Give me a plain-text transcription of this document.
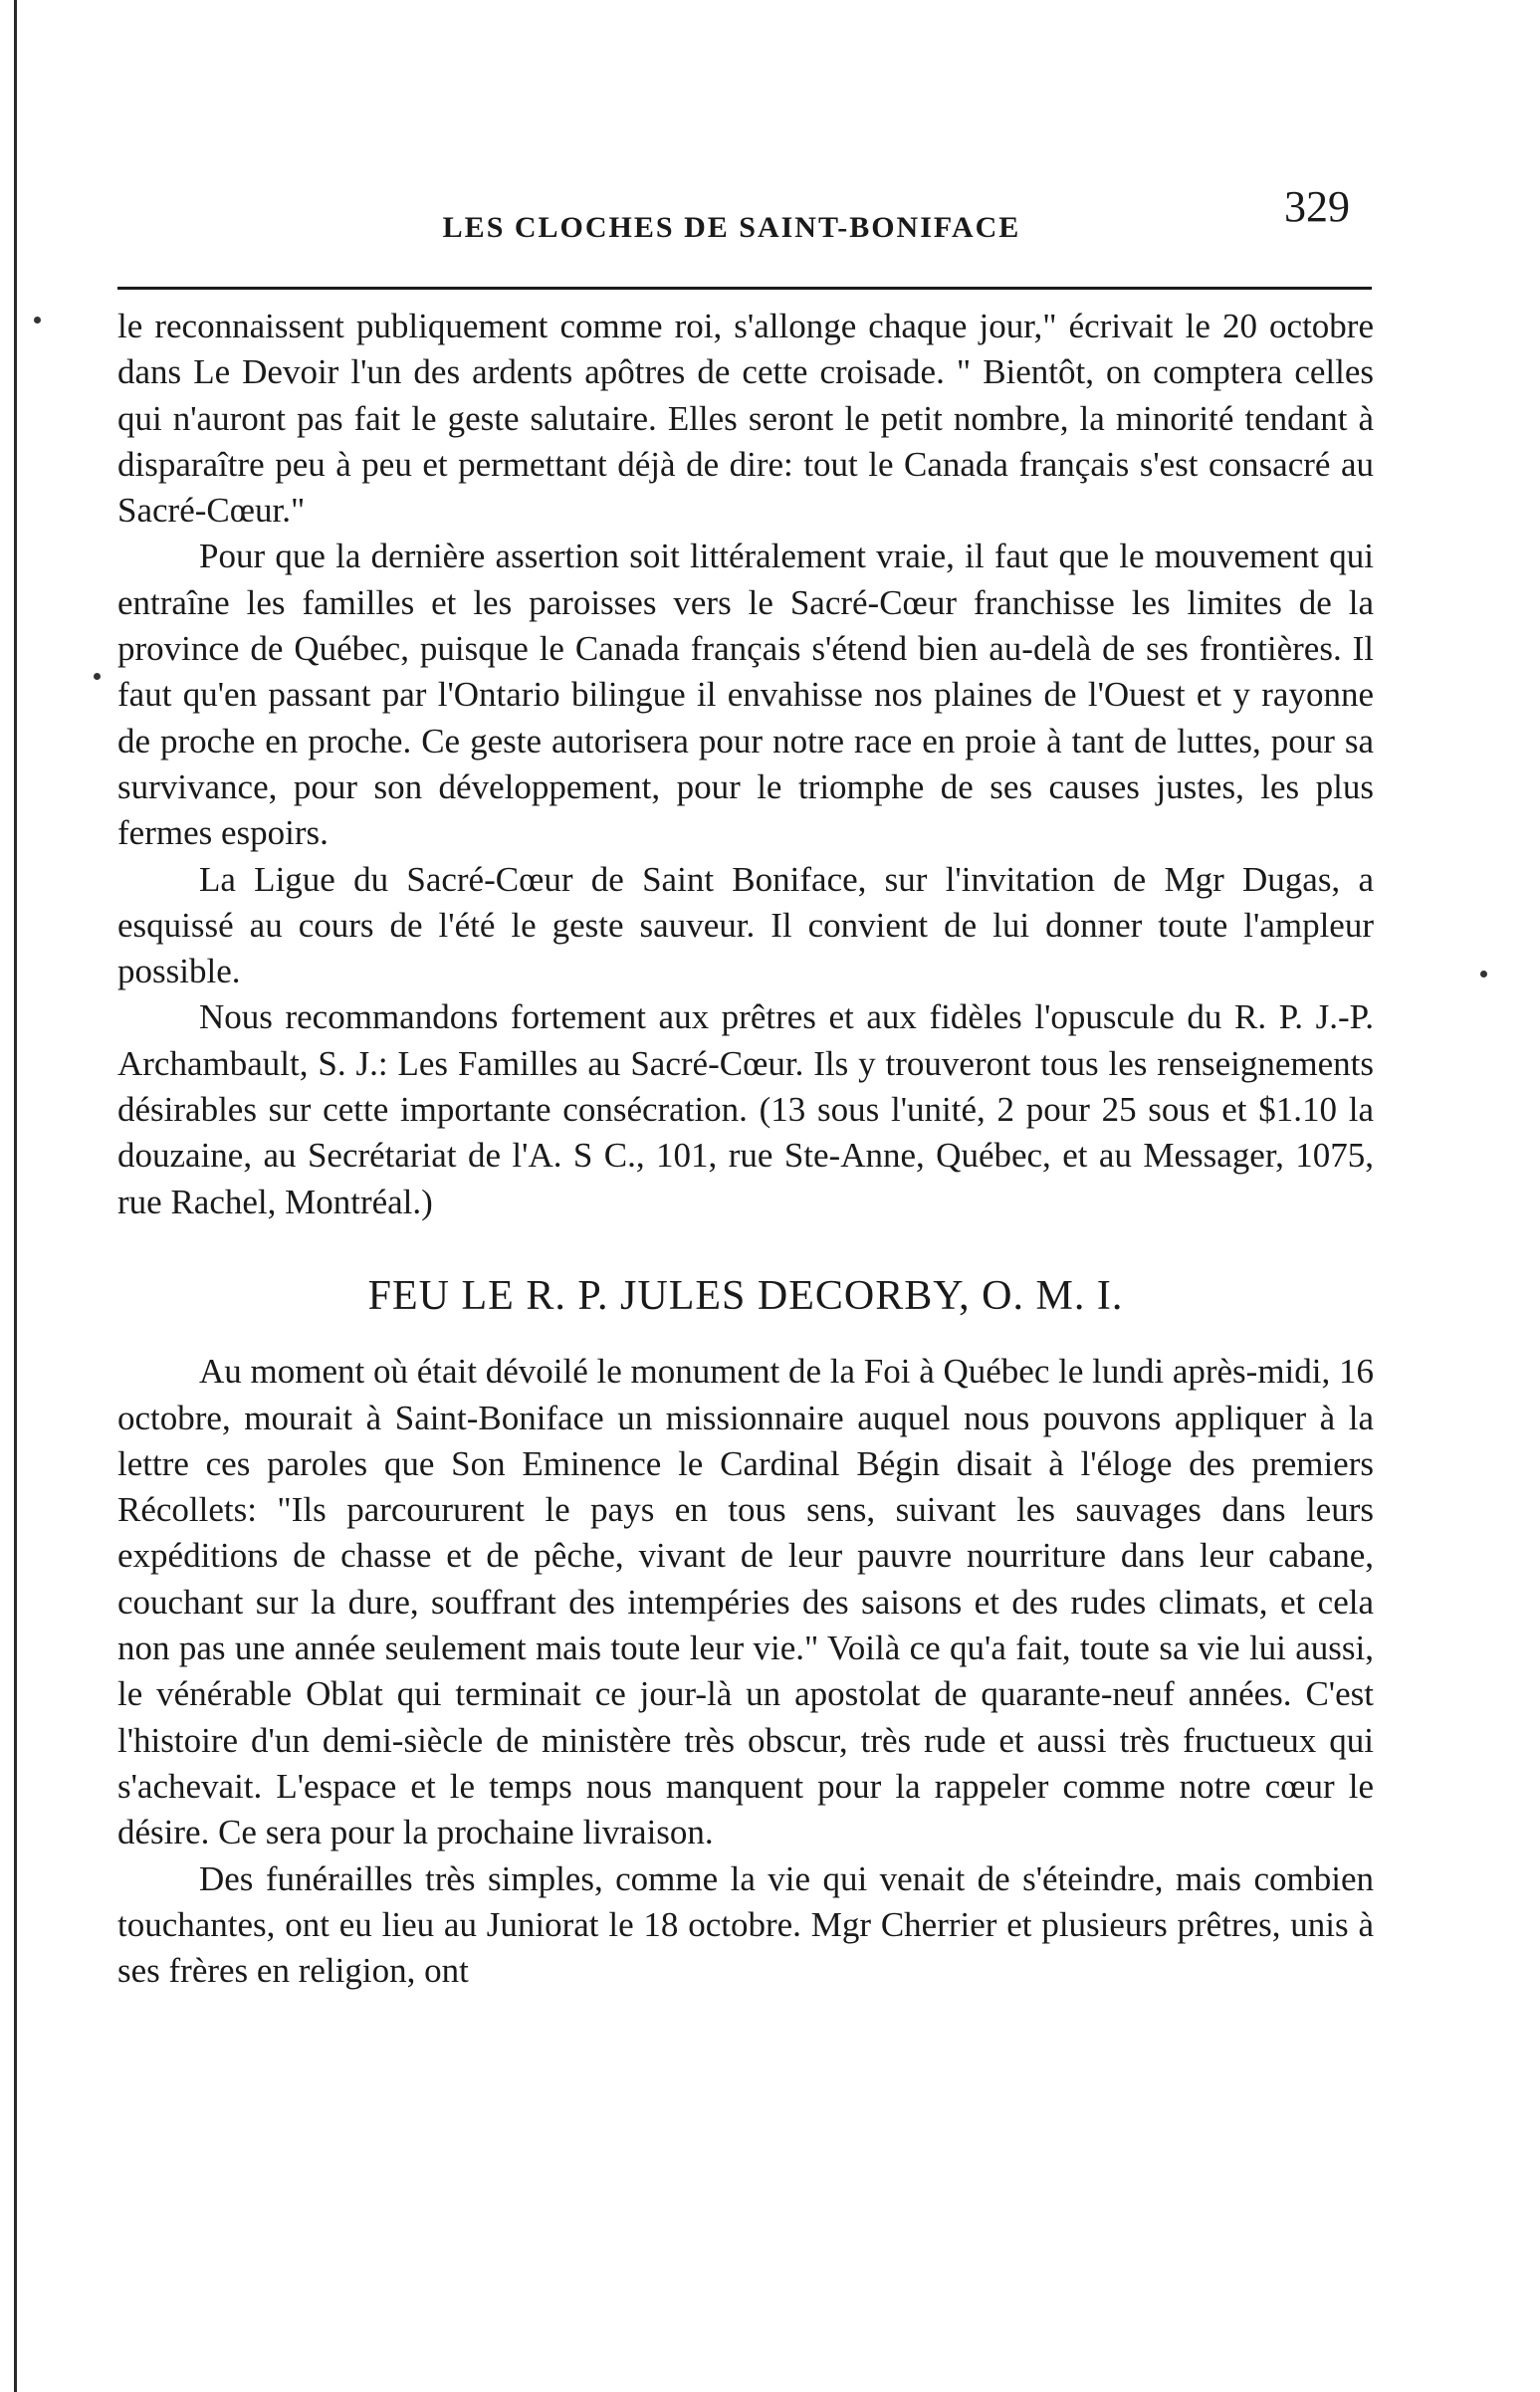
LES CLOCHES DE SAINT-BONIFACE	329

le reconnaissent publiquement comme roi, s'allonge chaque jour," écrivait le 20 octobre dans Le Devoir l'un des ardents apôtres de cette croisade. " Bientôt, on comptera celles qui n'auront pas fait le geste salutaire. Elles seront le petit nombre, la minorité tendant à disparaître peu à peu et permettant déjà de dire: tout le Canada français s'est consacré au Sacré-Cœur."

Pour que la dernière assertion soit littéralement vraie, il faut que le mouvement qui entraîne les familles et les paroisses vers le Sacré-Cœur franchisse les limites de la province de Québec, puisque le Canada français s'étend bien au-delà de ses frontières. Il faut qu'en passant par l'Ontario bilingue il envahisse nos plaines de l'Ouest et y rayonne de proche en proche. Ce geste autorisera pour notre race en proie à tant de luttes, pour sa survivance, pour son développement, pour le triomphe de ses causes justes, les plus fermes espoirs.

La Ligue du Sacré-Cœur de Saint Boniface, sur l'invitation de Mgr Dugas, a esquissé au cours de l'été le geste sauveur. Il convient de lui donner toute l'ampleur possible.

Nous recommandons fortement aux prêtres et aux fidèles l'opuscule du R. P. J.-P. Archambault, S. J.: Les Familles au Sacré-Cœur. Ils y trouveront tous les renseignements désirables sur cette importante consécration. (13 sous l'unité, 2 pour 25 sous et $1.10 la douzaine, au Secrétariat de l'A. S C., 101, rue Ste-Anne, Québec, et au Messager, 1075, rue Rachel, Montréal.)

FEU LE R. P. JULES DECORBY, O. M. I.

Au moment où était dévoilé le monument de la Foi à Québec le lundi après-midi, 16 octobre, mourait à Saint-Boniface un missionnaire auquel nous pouvons appliquer à la lettre ces paroles que Son Eminence le Cardinal Bégin disait à l'éloge des premiers Récollets: "Ils parcoururent le pays en tous sens, suivant les sauvages dans leurs expéditions de chasse et de pêche, vivant de leur pauvre nourriture dans leur cabane, couchant sur la dure, souffrant des intempéries des saisons et des rudes climats, et cela non pas une année seulement mais toute leur vie." Voilà ce qu'a fait, toute sa vie lui aussi, le vénérable Oblat qui terminait ce jour-là un apostolat de quarante-neuf années. C'est l'histoire d'un demi-siècle de ministère très obscur, très rude et aussi très fructueux qui s'achevait. L'espace et le temps nous manquent pour la rappeler comme notre cœur le désire. Ce sera pour la prochaine livraison.

Des funérailles très simples, comme la vie qui venait de s'éteindre, mais combien touchantes, ont eu lieu au Juniorat le 18 octobre. Mgr Cherrier et plusieurs prêtres, unis à ses frères en religion, ont
